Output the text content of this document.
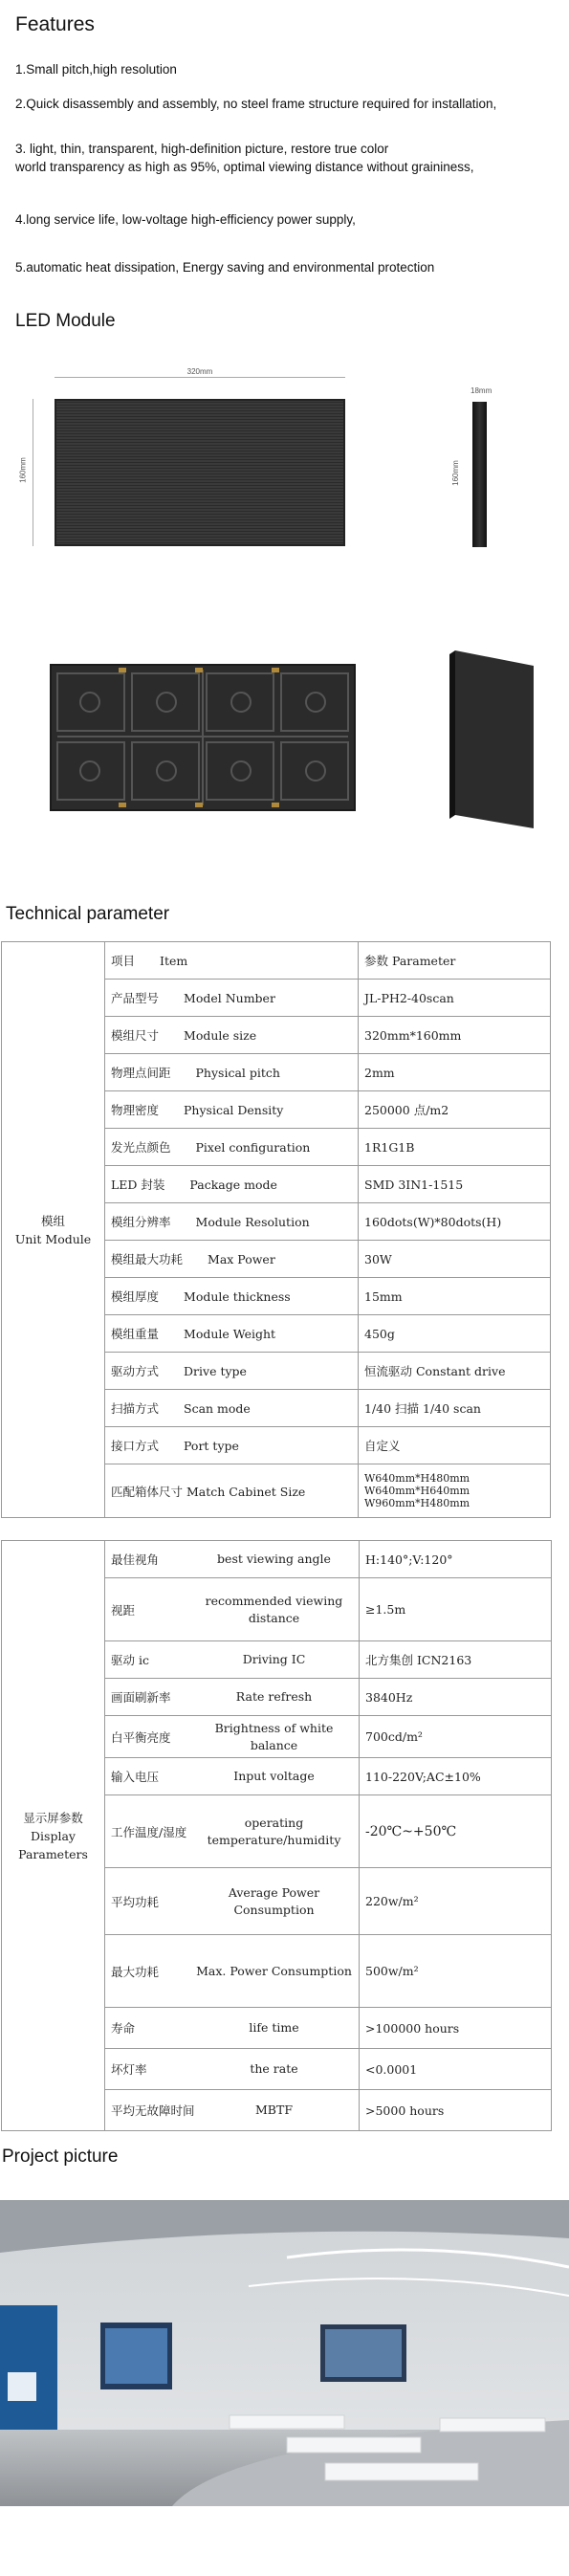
Features
1.Small pitch,high resolution
2.Quick disassembly and assembly, no steel frame structure required for installation,
3. light, thin, transparent, high-definition picture, restore true color
world transparency as high as 95%, optimal viewing distance without graininess,
4.long service life, low-voltage high-efficiency power supply,
5.automatic heat dissipation, Energy saving and environmental protection
LED Module
320mm
160mm
18mm
160mm
Technical parameter
模组
Unit Module	项目 Item	参数 Parameter
	产品型号 Model Number	JL-PH2-40scan
	模组尺寸 Module size	320mm*160mm
	物理点间距 Physical pitch	2mm
	物理密度 Physical Density	250000 点/m2
	发光点颜色 Pixel configuration	1R1G1B
	LED 封装 Package mode	SMD 3IN1-1515
	模组分辨率 Module Resolution	160dots(W)*80dots(H)
	模组最大功耗 Max Power	30W
	模组厚度 Module thickness	15mm
	模组重量 Module Weight	450g
	驱动方式 Drive type	恒流驱动 Constant drive
	扫描方式 Scan mode	1/40 扫描 1/40 scan
	接口方式 Port type	自定义
	匹配箱体尺寸 Match Cabinet Size	W640mm*H480mm
W640mm*H640mm
W960mm*H480mm
显示屏参数
Display
Parameters	最佳视角 best viewing angle	H:140°;V:120°

	视距
recommended viewing
distance	≥1.5m

	驱动 ic Driving IC	北方集创 ICN2163

	画面刷新率 Rate refresh	3840Hz

	白平衡亮度
Brightness of white
balance	700cd/m²

	输入电压 Input voltage	110-220V;AC±10%

	工作温度/湿度
operating
temperature/humidity	-20℃~+50℃

	平均功耗
Average Power
Consumption	220w/m²

	最大功耗 Max. Power Consumption	500w/m²

	寿命 life time	>100000 hours

	坏灯率 the rate	<0.0001

	平均无故障时间 MBTF	>5000 hours
Project picture
